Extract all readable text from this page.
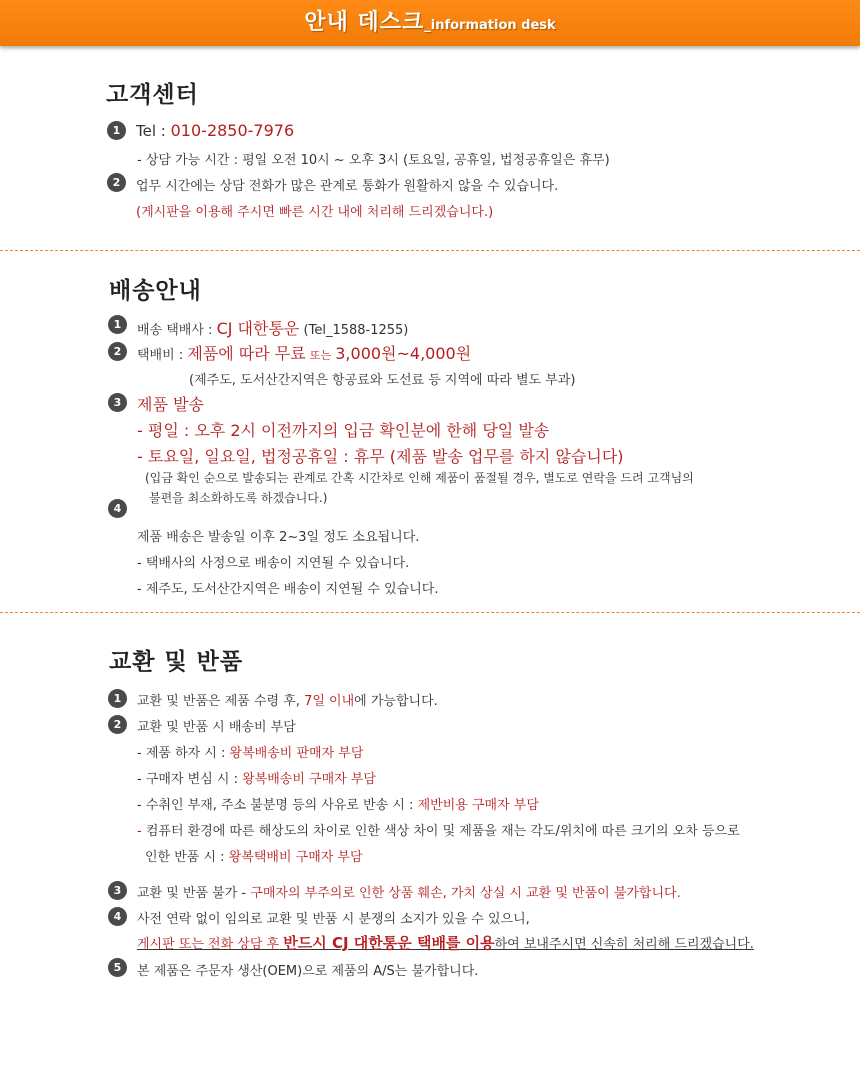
안내 데스크_information desk
고객센터
1	Tel : 010-2850-7976
- 상담 가능 시간 : 평일 오전 10시 ~ 오후 3시 (토요일, 공휴일, 법정공휴일은 휴무)
2	업무 시간에는 상담 전화가 많은 관계로 통화가 원활하지 않을 수 있습니다.
(게시판을 이용해 주시면 빠른 시간 내에 처리해 드리겠습니다.)
배송안내
1	배송 택배사 : CJ 대한통운 (Tel_1588-1255)
2	택배비 : 제품에 따라 무료 또는 3,000원~4,000원
(제주도, 도서산간지역은 항공료와 도선료 등 지역에 따라 별도 부과)
3 제품 발송
- 평일 : 오후 2시 이전까지의 입금 확인분에 한해 당일 발송
- 토요일, 일요일, 법정공휴일 : 휴무 (제품 발송 업무를 하지 않습니다)
(입금 확인 순으로 발송되는 관계로 간혹 시간차로 인해 제품이 품절될 경우, 별도로 연락을 드려 고객님의
불편을 최소화하도록 하겠습니다.)
4
제품 배송은 발송일 이후 2~3일 정도 소요됩니다.
- 택배사의 사정으로 배송이 지연될 수 있습니다.
- 제주도, 도서산간지역은 배송이 지연될 수 있습니다.
교환 및 반품
1	교환 및 반품은 제품 수령 후, 7일 이내에 가능합니다.
2	교환 및 반품 시 배송비 부담
- 제품 하자 시 : 왕복배송비 판매자 부담
- 구매자 변심 시 : 왕복배송비 구매자 부담
- 수취인 부재, 주소 불분명 등의 사유로 반송 시 : 제반비용 구매자 부담
- 컴퓨터 환경에 따른 해상도의 차이로 인한 색상 차이 및 제품을 재는 각도/위치에 따른 크기의 오차 등으로
인한 반품 시 : 왕복택배비 구매자 부담
3	교환 및 반품 불가 - 구매자의 부주의로 인한 상품 훼손, 가치 상실 시 교환 및 반품이 불가합니다.
4	사전 연락 없이 임의로 교환 및 반품 시 분쟁의 소지가 있을 수 있으니,
게시판 또는 전화 상담 후 반드시 CJ 대한통운 택배를 이용하여 보내주시면 신속히 처리해 드리겠습니다.
5	본 제품은 주문자 생산(OEM)으로 제품의 A/S는 불가합니다.
